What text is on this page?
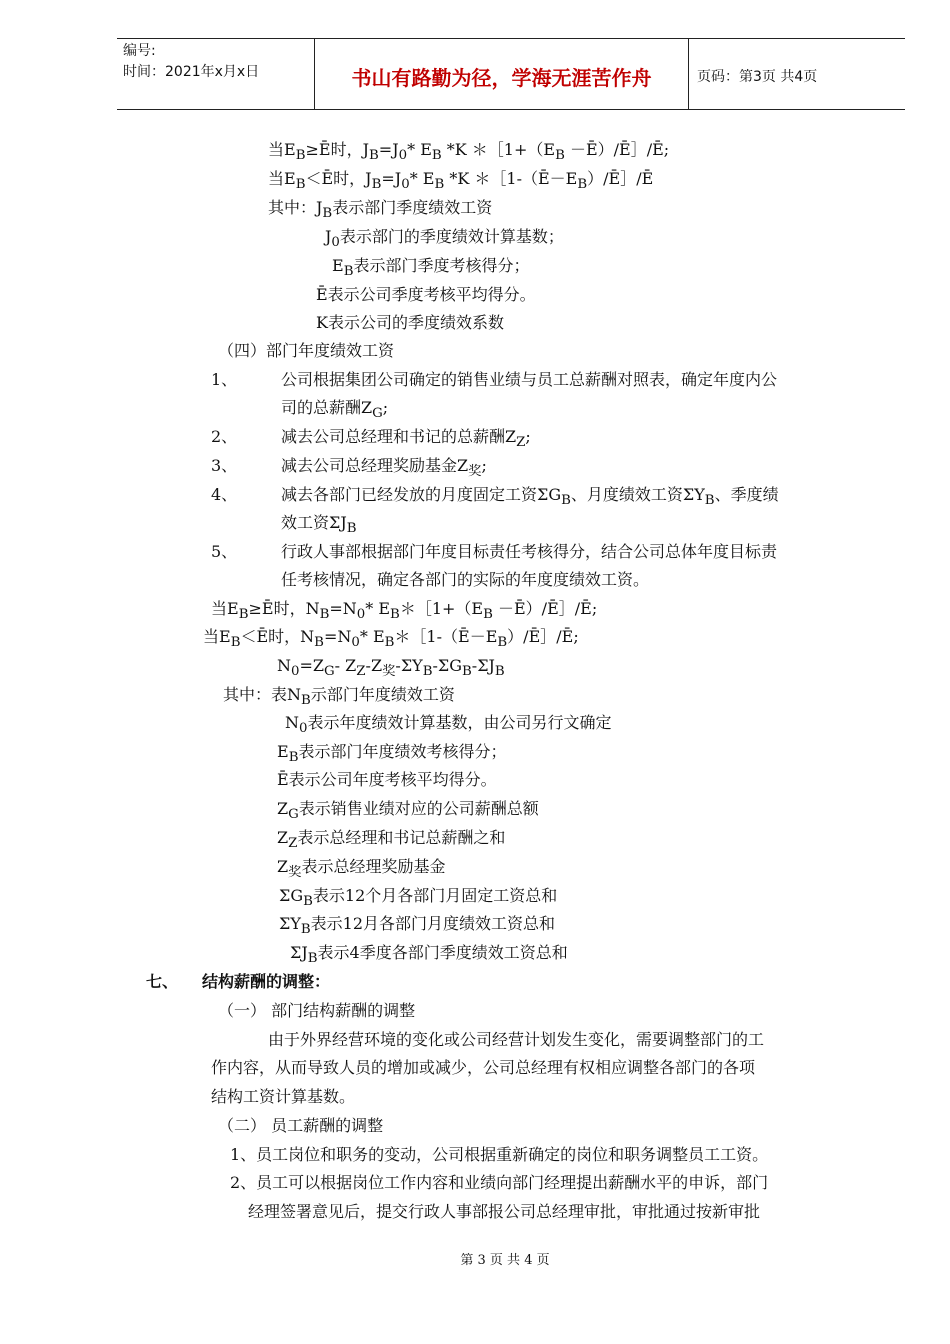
编号:
时间：2021年x月x日	书山有路勤为径，学海无涯苦作舟	页码：第3页 共4页
当$E_B\ge Ē$时，$J_B=J_0*$ $E_B$ *K $*[1+(E_B$ －Ē）/Ē］/Ē;
当$E_B<Ē$时，$J_B=J_0*$ $E_B$ *K $*[1-(Ē-E_B)/Ē]/Ē$
其中：$J_B$表示部门季度绩效工资
$J_0$表示部门的季度绩效计算基数；
$E_B$表示部门季度考核得分；
Ē表示公司季度考核平均得分。
K表示公司的季度绩效系数
（四）部门年度绩效工资
1、	公司根据集团公司确定的销售业绩与员工总薪酬对照表，确定年度内公
司的总薪酬$Z_G$;
2、	减去公司总经理和书记的总薪酬$Z_Z$;
3、	减去公司总经理奖励基金$Z_奖$;
4、	减去各部门已经发放的月度固定工资$\Sigma G_B$、月度绩效工资$\Sigma Y_B$、季度绩
效工资$\Sigma J_B$
5、	行政人事部根据部门年度目标责任考核得分，结合公司总体年度目标责
任考核情况，确定各部门的实际的年度度绩效工资。
当$E_B\ge Ē$时，$N_B=N_0*$ $E_B*[1+(E_B$ －Ē）/Ē］/Ē;
当$E_B<Ē$时，$N_B=N_0*$ $E_B*[1-(Ē-E_B)/Ē]/Ē$;
$N_0=Z_G-$ $Z_Z-Z_奖-\Sigma Y_B-\Sigma G_B-\Sigma J_B$
其中：表$N_B$示部门年度绩效工资
$N_0$表示年度绩效计算基数，由公司另行文确定
$E_B$表示部门年度绩效考核得分；
Ē表示公司年度考核平均得分。
$Z_G$表示销售业绩对应的公司薪酬总额
$Z_Z$表示总经理和书记总薪酬之和
$Z_奖$表示总经理奖励基金
$\Sigma G_B$表示12个月各部门月固定工资总和
$\Sigma Y_B$表示12月各部门月度绩效工资总和
$\Sigma J_B$表示4季度各部门季度绩效工资总和
七、 结构薪酬的调整：
（一） 部门结构薪酬的调整
由于外界经营环境的变化或公司经营计划发生变化，需要调整部门的工
作内容，从而导致人员的增加或减少，公司总经理有权相应调整各部门的各项
结构工资计算基数。
（二） 员工薪酬的调整
1、员工岗位和职务的变动，公司根据重新确定的岗位和职务调整员工工资。
2、员工可以根据岗位工作内容和业绩向部门经理提出薪酬水平的申诉，部门
经理签署意见后，提交行政人事部报公司总经理审批，审批通过按新审批
第 3 页 共 4 页
